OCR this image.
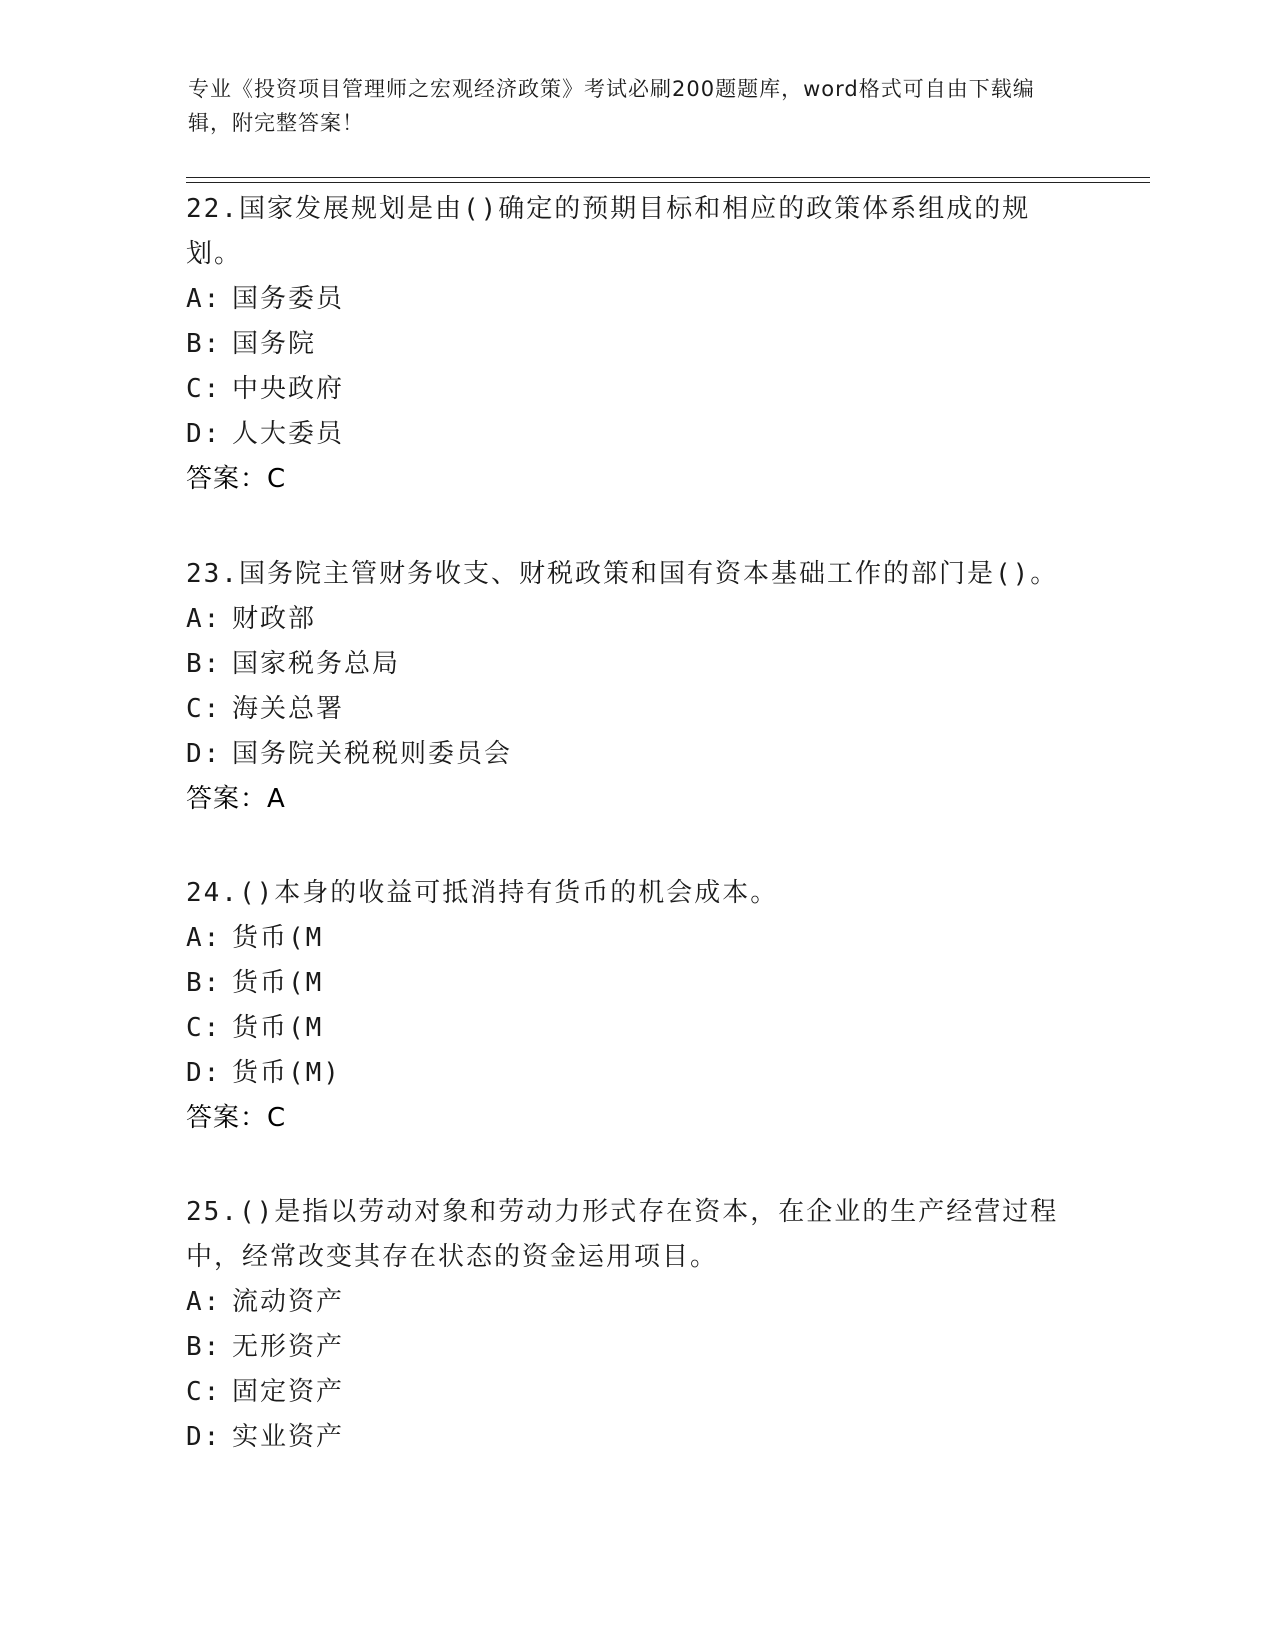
专业《投资项目管理师之宏观经济政策》考试必刷200题题库，word格式可自由下载编辑，附完整答案！

22.国家发展规划是由()确定的预期目标和相应的政策体系组成的规划。

A: 国务委员
B: 国务院
C: 中央政府
D: 人大委员
答案：C

23.国务院主管财务收支、财税政策和国有资本基础工作的部门是()。

A: 财政部
B: 国家税务总局
C: 海关总署
D: 国务院关税税则委员会
答案：A

24.()本身的收益可抵消持有货币的机会成本。

A: 货币(M
B: 货币(M
C: 货币(M
D: 货币(M)
答案：C

25.()是指以劳动对象和劳动力形式存在资本，在企业的生产经营过程中，经常改变其存在状态的资金运用项目。

A: 流动资产
B: 无形资产
C: 固定资产
D: 实业资产
